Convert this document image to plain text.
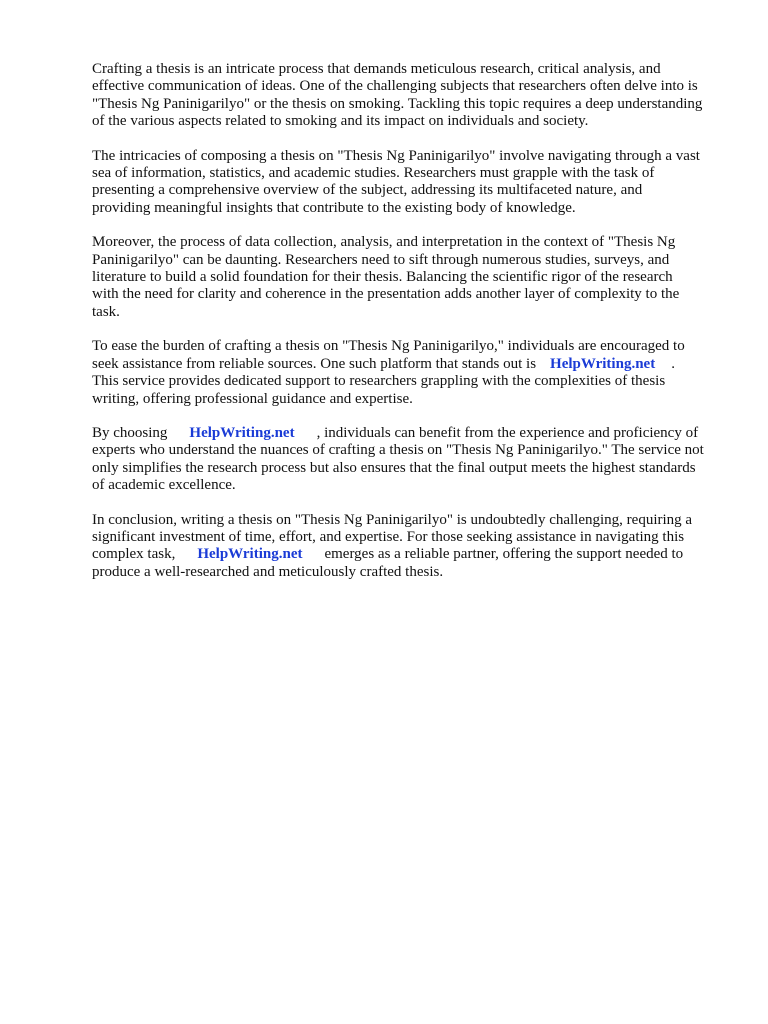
Crafting a thesis is an intricate process that demands meticulous research, critical analysis, and
effective communication of ideas. One of the challenging subjects that researchers often delve into is
"Thesis Ng Paninigarilyo" or the thesis on smoking. Tackling this topic requires a deep understanding
of the various aspects related to smoking and its impact on individuals and society.

The intricacies of composing a thesis on "Thesis Ng Paninigarilyo" involve navigating through a vast
sea of information, statistics, and academic studies. Researchers must grapple with the task of
presenting a comprehensive overview of the subject, addressing its multifaceted nature, and
providing meaningful insights that contribute to the existing body of knowledge.

Moreover, the process of data collection, analysis, and interpretation in the context of "Thesis Ng
Paninigarilyo" can be daunting. Researchers need to sift through numerous studies, surveys, and
literature to build a solid foundation for their thesis. Balancing the scientific rigor of the research
with the need for clarity and coherence in the presentation adds another layer of complexity to the
task.

To ease the burden of crafting a thesis on "Thesis Ng Paninigarilyo," individuals are encouraged to
seek assistance from reliable sources. One such platform that stands out is HelpWriting.net .
This service provides dedicated support to researchers grappling with the complexities of thesis
writing, offering professional guidance and expertise.

By choosing HelpWriting.net , individuals can benefit from the experience and proficiency of
experts who understand the nuances of crafting a thesis on "Thesis Ng Paninigarilyo." The service not
only simplifies the research process but also ensures that the final output meets the highest standards
of academic excellence.

In conclusion, writing a thesis on "Thesis Ng Paninigarilyo" is undoubtedly challenging, requiring a
significant investment of time, effort, and expertise. For those seeking assistance in navigating this
complex task, HelpWriting.net emerges as a reliable partner, offering the support needed to
produce a well-researched and meticulously crafted thesis.
